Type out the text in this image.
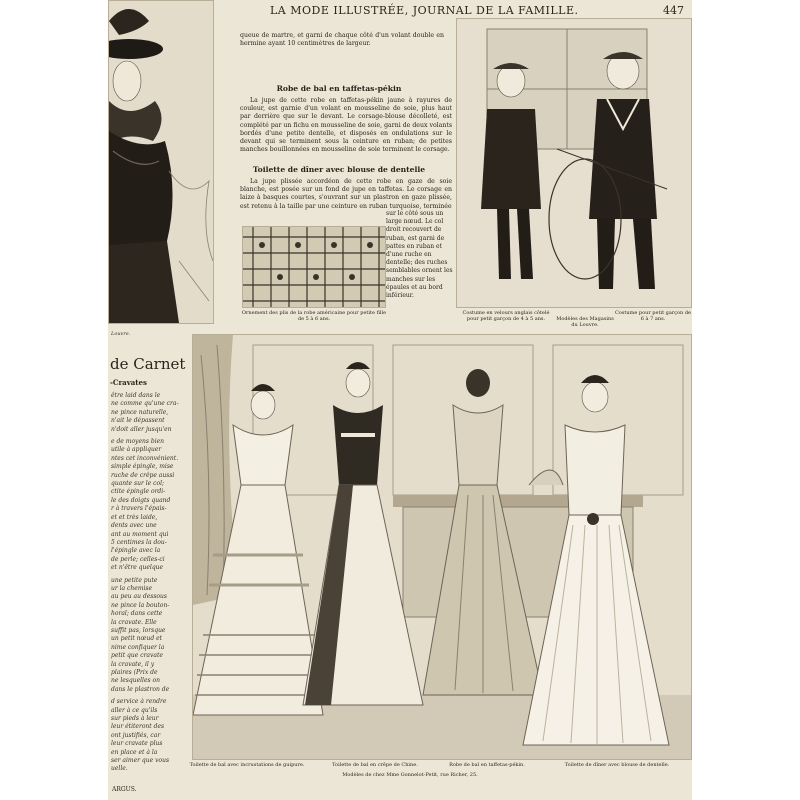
LA MODE ILLUSTRÉE, JOURNAL DE LA FAMILLE.	447
queue de martre, et garni de chaque côté d'un volant double en hermine ayant 10 centimètres de largeur.
Robe de bal en taffetas-pékin
La jupe de cette robe en taffetas-pékin jaune à rayures de couleur, est garnie d'un volant en mousseline de soie, plus haut par derrière que sur le devant. Le corsage-blouse décolleté, est complété par un fichu en mousseline de soie, garni de deux volants bordés d'une petite dentelle, et disposés en ondulations sur le devant qui se terminent sous la ceinture en ruban; de petites manches bouillonnées en mousseline de soie terminent le corsage.
Toilette de dîner avec blouse de dentelle
La jupe plissée accordéon de cette robe en gaze de soie blanche, est posée sur un fond de jupe en taffetas. Le corsage en laize à basques courtes, s'ouvrant sur un plastron en gaze plissée, est retenu à la taille par une ceinture en ruban turquoise, terminée
sur le côté sous un large nœud. Le col droit recouvert de ruban, est garni de pattes en ruban et d'une ruche en dentelle; des ruches semblables ornent les manches sur les épaules et au bord inférieur.
Ornement des plis de la robe américaine pour petite fille de 5 à 6 ans.
Costume en velours anglais côtelé pour petit garçon de 4 à 5 ans.	Modèles des Magasins du Louvre.
Costume pour petit garçon de 6 à 7 ans.
Louvre.
de Carnet
-Cravates
être laid dans le
ne comme qu'une cra-
ne pince naturelle,
n'ait le dépassent
n'doit aller jusqu'en
e de moyens bien
utile à appliquer
ntes cet inconvénient.
simple épingle, mise
ruche de crêpe aussi
quante sur le col;
ctite épingle ordi-
le des doigts quand
r à travers l'épais-
et et très laide,
dents avec une
ant au moment qui
5 centimes la dou-
l'épingle avec la
de perle; celles-ci
et n'être quelque
une petite pute
ur la chemise
au peu au dessous
ne pince la bouton-
horal; dans cette
la cravate. Elle
suffit pas, lorsque
un petit nœud et
nime confiquer la
petit que cravate
la cravate, il y
plaires (Prix de
ne lesquelles on
dans le plastron de
d service à rendre
aller à ce qu'ils
sur pieds à leur
leur étiteront des
ont justifiés, car
leur cravate plus
en place et à la
ser aimer que vous
uelle.
ARGUS.
Toilette de bal avec incrustations de guipure.	Toilette de bal en crêpe de Chine.	Robe de bal en taffetas-pékin.	Toilette de dîner avec blouse de dentelle.
Modèles de chez Mme Gonnelot-Petit, rue Richer, 25.
